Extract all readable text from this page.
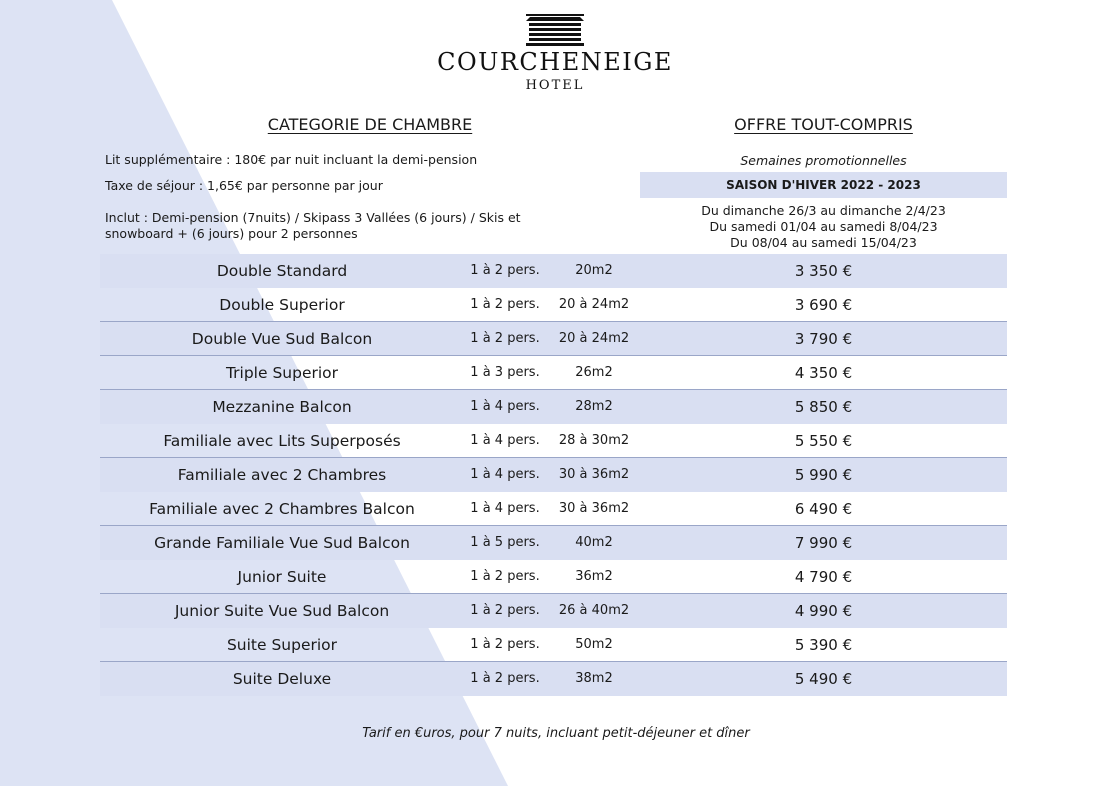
COURCHENEIGE
HOTEL
CATEGORIE DE CHAMBRE	OFFRE TOUT-COMPRIS
Lit supplémentaire : 180€ par nuit incluant la demi-pension
Taxe de séjour : 1,65€ par personne par jour
Inclut : Demi-pension (7nuits) / Skipass 3 Vallées (6 jours) / Skis et
snowboard + (6 jours) pour 2 personnes
Semaines promotionnelles
SAISON D'HIVER 2022 - 2023
Du dimanche 26/3 au dimanche 2/4/23
Du samedi 01/04 au samedi 8/04/23
Du 08/04 au samedi 15/04/23
Double Standard	1 à 2 pers.	20m2	3 350 €
Double Superior	1 à 2 pers.	20 à 24m2	3 690 €
Double Vue Sud Balcon	1 à 2 pers.	20 à 24m2	3 790 €
Triple Superior	1 à 3 pers.	26m2	4 350 €
Mezzanine Balcon	1 à 4 pers.	28m2	5 850 €
Familiale avec Lits Superposés	1 à 4 pers.	28 à 30m2	5 550 €
Familiale avec 2 Chambres	1 à 4 pers.	30 à 36m2	5 990 €
Familiale avec 2 Chambres Balcon	1 à 4 pers.	30 à 36m2	6 490 €
Grande Familiale Vue Sud Balcon	1 à 5 pers.	40m2	7 990 €
Junior Suite	1 à 2 pers.	36m2	4 790 €
Junior Suite Vue Sud Balcon	1 à 2 pers.	26 à 40m2	4 990 €
Suite Superior	1 à 2 pers.	50m2	5 390 €
Suite Deluxe	1 à 2 pers.	38m2	5 490 €
Tarif en €uros, pour 7 nuits, incluant petit-déjeuner et dîner
